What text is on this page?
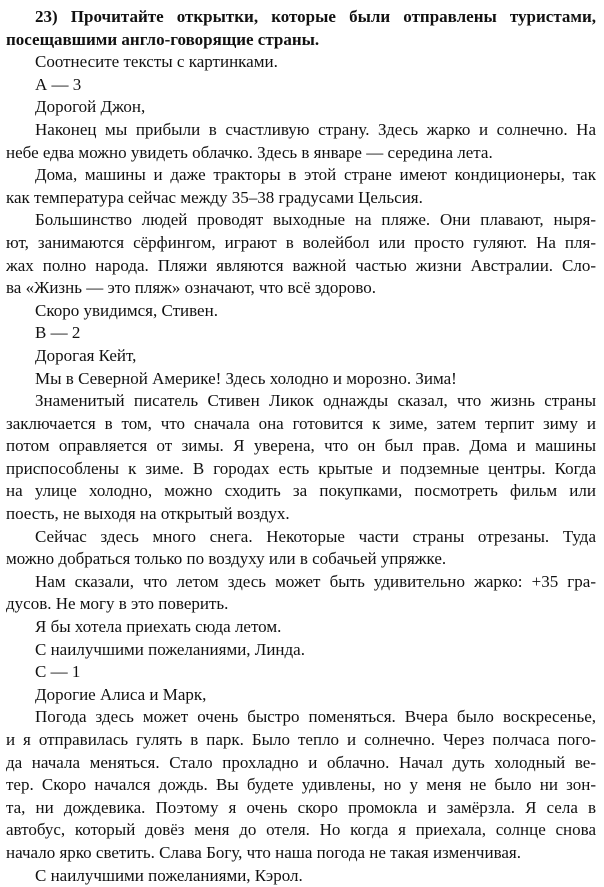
23) Прочитайте открытки, которые были отправлены туристами,
посещавшими англо-говорящие страны.
Соотнесите тексты с картинками.
А — 3
Дорогой Джон,
Наконец мы прибыли в счастливую страну. Здесь жарко и солнечно. На
небе едва можно увидеть облачко. Здесь в январе — середина лета.
Дома, машины и даже тракторы в этой стране имеют кондиционеры, так
как температура сейчас между 35–38 градусами Цельсия.
Большинство людей проводят выходные на пляже. Они плавают, ныря-
ют, занимаются сёрфингом, играют в волейбол или просто гуляют. На пля-
жах полно народа. Пляжи являются важной частью жизни Австралии. Сло-
ва «Жизнь — это пляж» означают, что всё здорово.
Скоро увидимся, Стивен.
В — 2
Дорогая Кейт,
Мы в Северной Америке! Здесь холодно и морозно. Зима!
Знаменитый писатель Стивен Ликок однажды сказал, что жизнь страны
заключается в том, что сначала она готовится к зиме, затем терпит зиму и
потом оправляется от зимы. Я уверена, что он был прав. Дома и машины
приспособлены к зиме. В городах есть крытые и подземные центры. Когда
на улице холодно, можно сходить за покупками, посмотреть фильм или
поесть, не выходя на открытый воздух.
Сейчас здесь много снега. Некоторые части страны отрезаны. Туда
можно добраться только по воздуху или в собачьей упряжке.
Нам сказали, что летом здесь может быть удивительно жарко: +35 гра-
дусов. Не могу в это поверить.
Я бы хотела приехать сюда летом.
С наилучшими пожеланиями, Линда.
С — 1
Дорогие Алиса и Марк,
Погода здесь может очень быстро поменяться. Вчера было воскресенье,
и я отправилась гулять в парк. Было тепло и солнечно. Через полчаса пого-
да начала меняться. Стало прохладно и облачно. Начал дуть холодный ве-
тер. Скоро начался дождь. Вы будете удивлены, но у меня не было ни зон-
та, ни дождевика. Поэтому я очень скоро промокла и замёрзла. Я села в
автобус, который довёз меня до отеля. Но когда я приехала, солнце снова
начало ярко светить. Слава Богу, что наша погода не такая изменчивая.
С наилучшими пожеланиями, Кэрол.
